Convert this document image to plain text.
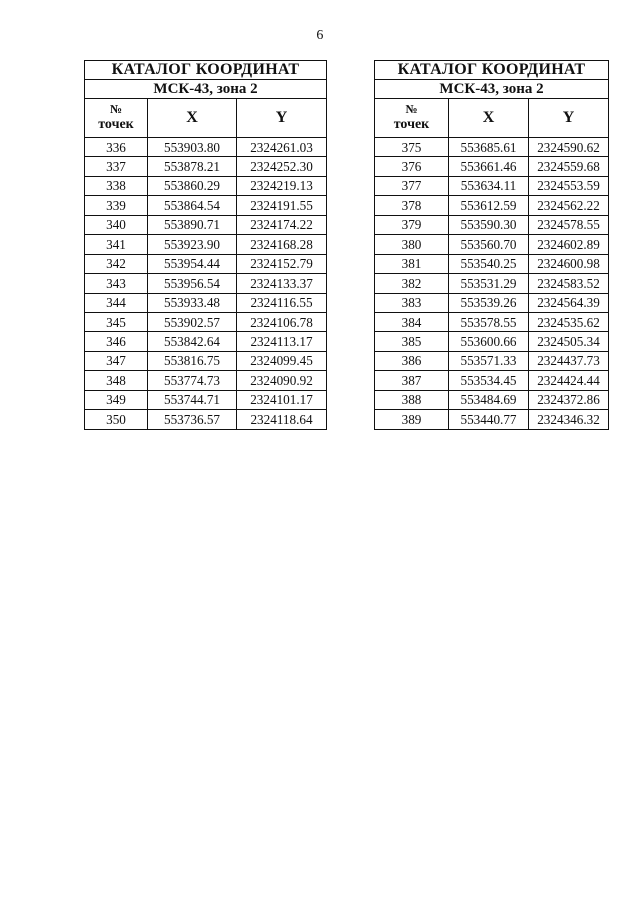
6
КАТАЛОГ КООРДИНАТ		
МСК-43, зона 2		

№
точек	X	Y
336	553903.80	2324261.03
337	553878.21	2324252.30
338	553860.29	2324219.13
339	553864.54	2324191.55
340	553890.71	2324174.22
341	553923.90	2324168.28
342	553954.44	2324152.79
343	553956.54	2324133.37
344	553933.48	2324116.55
345	553902.57	2324106.78
346	553842.64	2324113.17
347	553816.75	2324099.45
348	553774.73	2324090.92
349	553744.71	2324101.17
350	553736.57	2324118.64
КАТАЛОГ КООРДИНАТ		
МСК-43, зона 2		

№
точек	X	Y
375	553685.61	2324590.62
376	553661.46	2324559.68
377	553634.11	2324553.59
378	553612.59	2324562.22
379	553590.30	2324578.55
380	553560.70	2324602.89
381	553540.25	2324600.98
382	553531.29	2324583.52
383	553539.26	2324564.39
384	553578.55	2324535.62
385	553600.66	2324505.34
386	553571.33	2324437.73
387	553534.45	2324424.44
388	553484.69	2324372.86
389	553440.77	2324346.32
